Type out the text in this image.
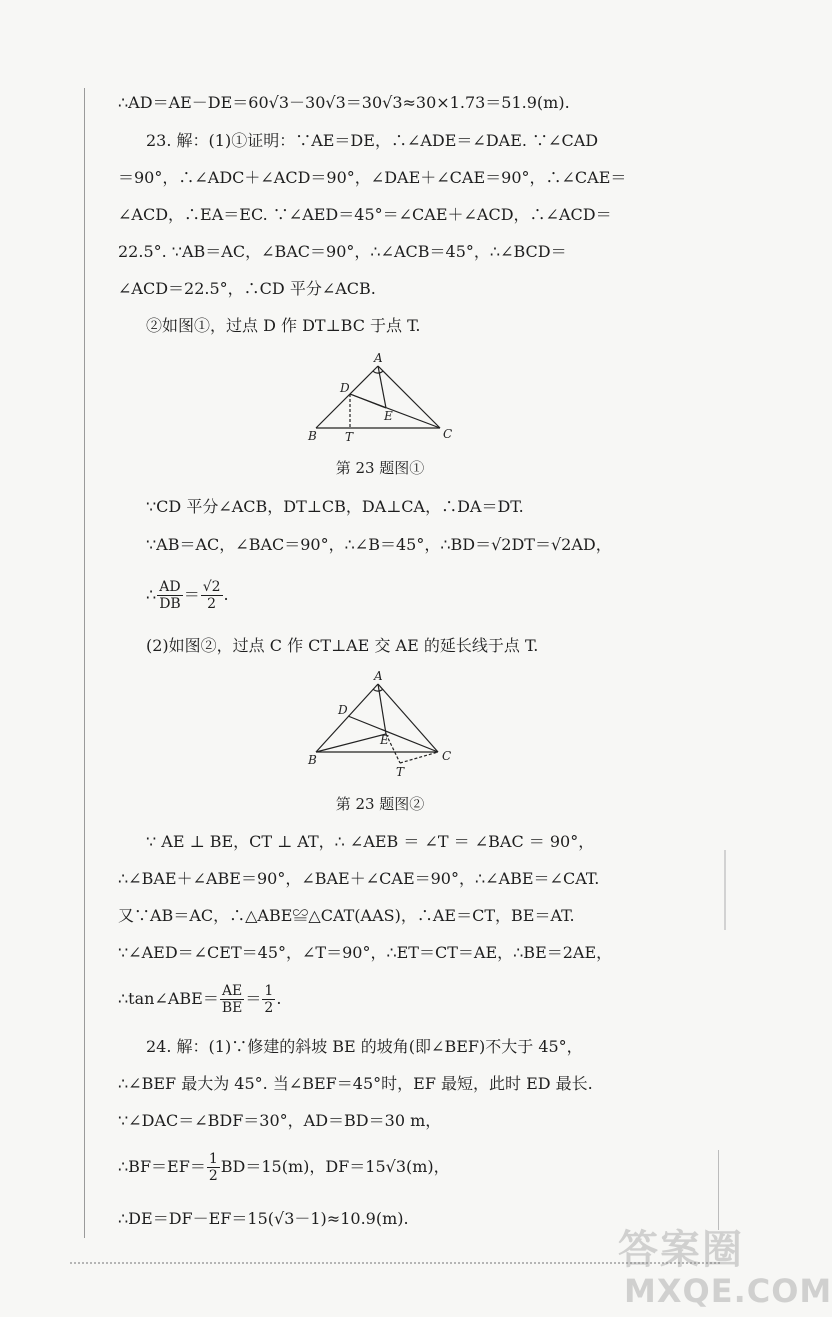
∴AD＝AE－DE＝60√3－30√3＝30√3≈30×1.73＝51.9(m).
23. 解：(1)①证明：∵AE＝DE，∴∠ADE＝∠DAE. ∵∠CAD
＝90°，∴∠ADC＋∠ACD＝90°，∠DAE＋∠CAE＝90°，∴∠CAE＝
∠ACD，∴EA＝EC. ∵∠AED＝45°＝∠CAE＋∠ACD，∴∠ACD＝
22.5°. ∵AB＝AC，∠BAC＝90°，∴∠ACB＝45°，∴∠BCD＝
∠ACD＝22.5°，∴CD 平分∠ACB.
②如图①，过点 D 作 DT⊥BC 于点 T.
A
D
E
B T	C
第 23 题图①
∵CD 平分∠ACB，DT⊥CB，DA⊥CA，∴DA＝DT.
∵AB＝AC，∠BAC＝90°，∴∠B＝45°，∴BD＝√2DT＝√2AD，
∴ $\frac{AD}{DB} = \frac{√2}{2}$ .
(2)如图②，过点 C 作 CT⊥AE 交 AE 的延长线于点 T.
A
D
E
B
T
C
第 23 题图②
∵ AE ⊥ BE，CT ⊥ AT，∴ ∠AEB ＝ ∠T ＝ ∠BAC ＝ 90°，
∴∠BAE＋∠ABE＝90°，∠BAE＋∠CAE＝90°，∴∠ABE＝∠CAT.
又∵AB＝AC，∴△ABE≌△CAT(AAS)，∴AE＝CT，BE＝AT.
∵∠AED＝∠CET＝45°，∠T＝90°，∴ET＝CT＝AE，∴BE＝2AE，
∴tan∠ABE＝ $\frac{AE}{BE} = \frac{1}{2}$ .
24. 解：(1)∵修建的斜坡 BE 的坡角(即∠BEF)不大于 45°，
∴∠BEF 最大为 45°. 当∠BEF＝45°时，EF 最短，此时 ED 最长.
∵∠DAC＝∠BDF＝30°，AD＝BD＝30 m，
∴BF＝EF＝ $\frac{1}{2} BD=15(m)$，DF＝15√3(m)，
∴DE＝DF－EF＝15(√3－1)≈10.9(m).
答案圈
MXQE.COM
